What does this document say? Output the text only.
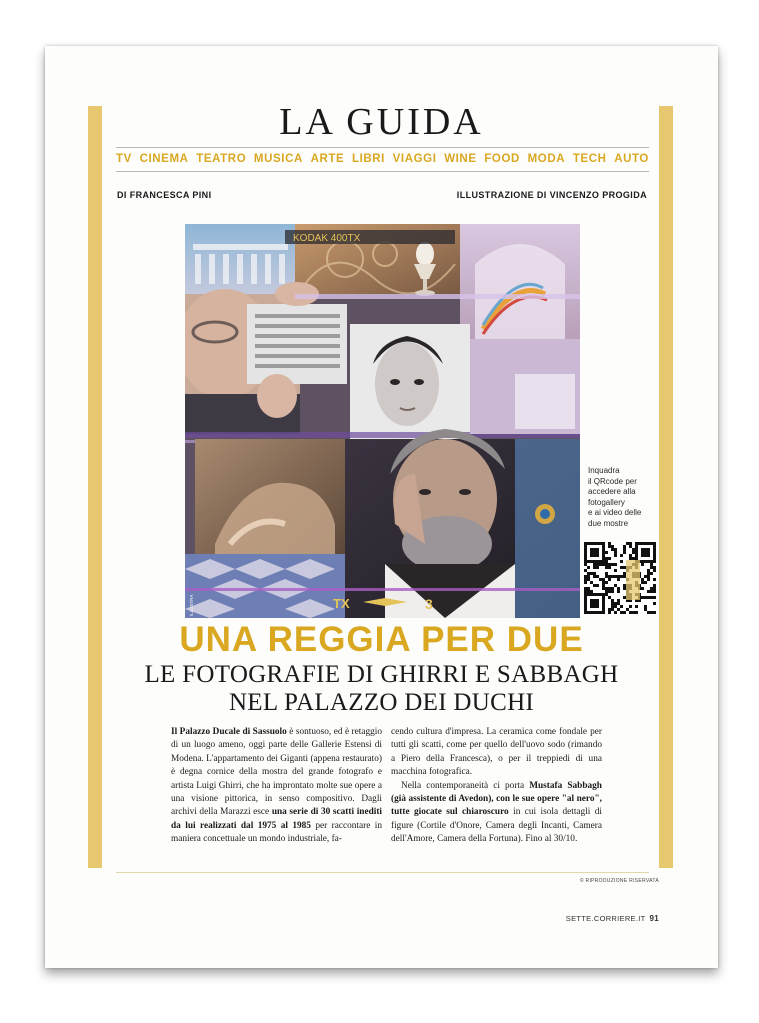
LA GUIDA
TV CINEMA TEATRO MUSICA ARTE LIBRI VIAGGI WINE FOOD MODA TECH AUTO
DI FRANCESCA PINI	ILLUSTRAZIONE DI VINCENZO PROGIDA
KODAK 400TX
TX	3
ILLUSTRA
Inquadra
il QRcode per
accedere alla
fotogallery
e ai video delle
due mostre
UNA REGGIA PER DUE
LE FOTOGRAFIE DI GHIRRI E SABBAGH
NEL PALAZZO DEI DUCHI

Il Palazzo Ducale di Sassuolo è sontuoso, ed è retaggio di un luogo ameno, oggi parte delle Gallerie Estensi di Modena. L'appartamento dei Giganti (appena restaurato) è degna cornice della mostra del grande fotografo e artista Luigi Ghirri, che ha improntato molte sue opere a una visione pittorica, in senso compositivo. Dagli archivi della Marazzi esce una serie di 30 scatti inediti da lui realizzati dal 1975 al 1985 per raccontare in maniera concettuale un mondo industriale, fa-

cendo cultura d'impresa. La ceramica come fondale per tutti gli scatti, come per quello dell'uovo sodo (rimando a Piero della Francesca), o per il treppiedi di una macchina fotografica.

Nella contemporaneità ci porta Mustafa Sabbagh (già assistente di Avedon), con le sue opere "al nero", tutte giocate sul chiaroscuro in cui isola dettagli di figure (Cortile d'Onore, Camera degli Incanti, Camera dell'Amore, Camera della Fortuna). Fino al 30/10.

© RIPRODUZIONE RISERVATA
SETTE.CORRIERE.IT 91
